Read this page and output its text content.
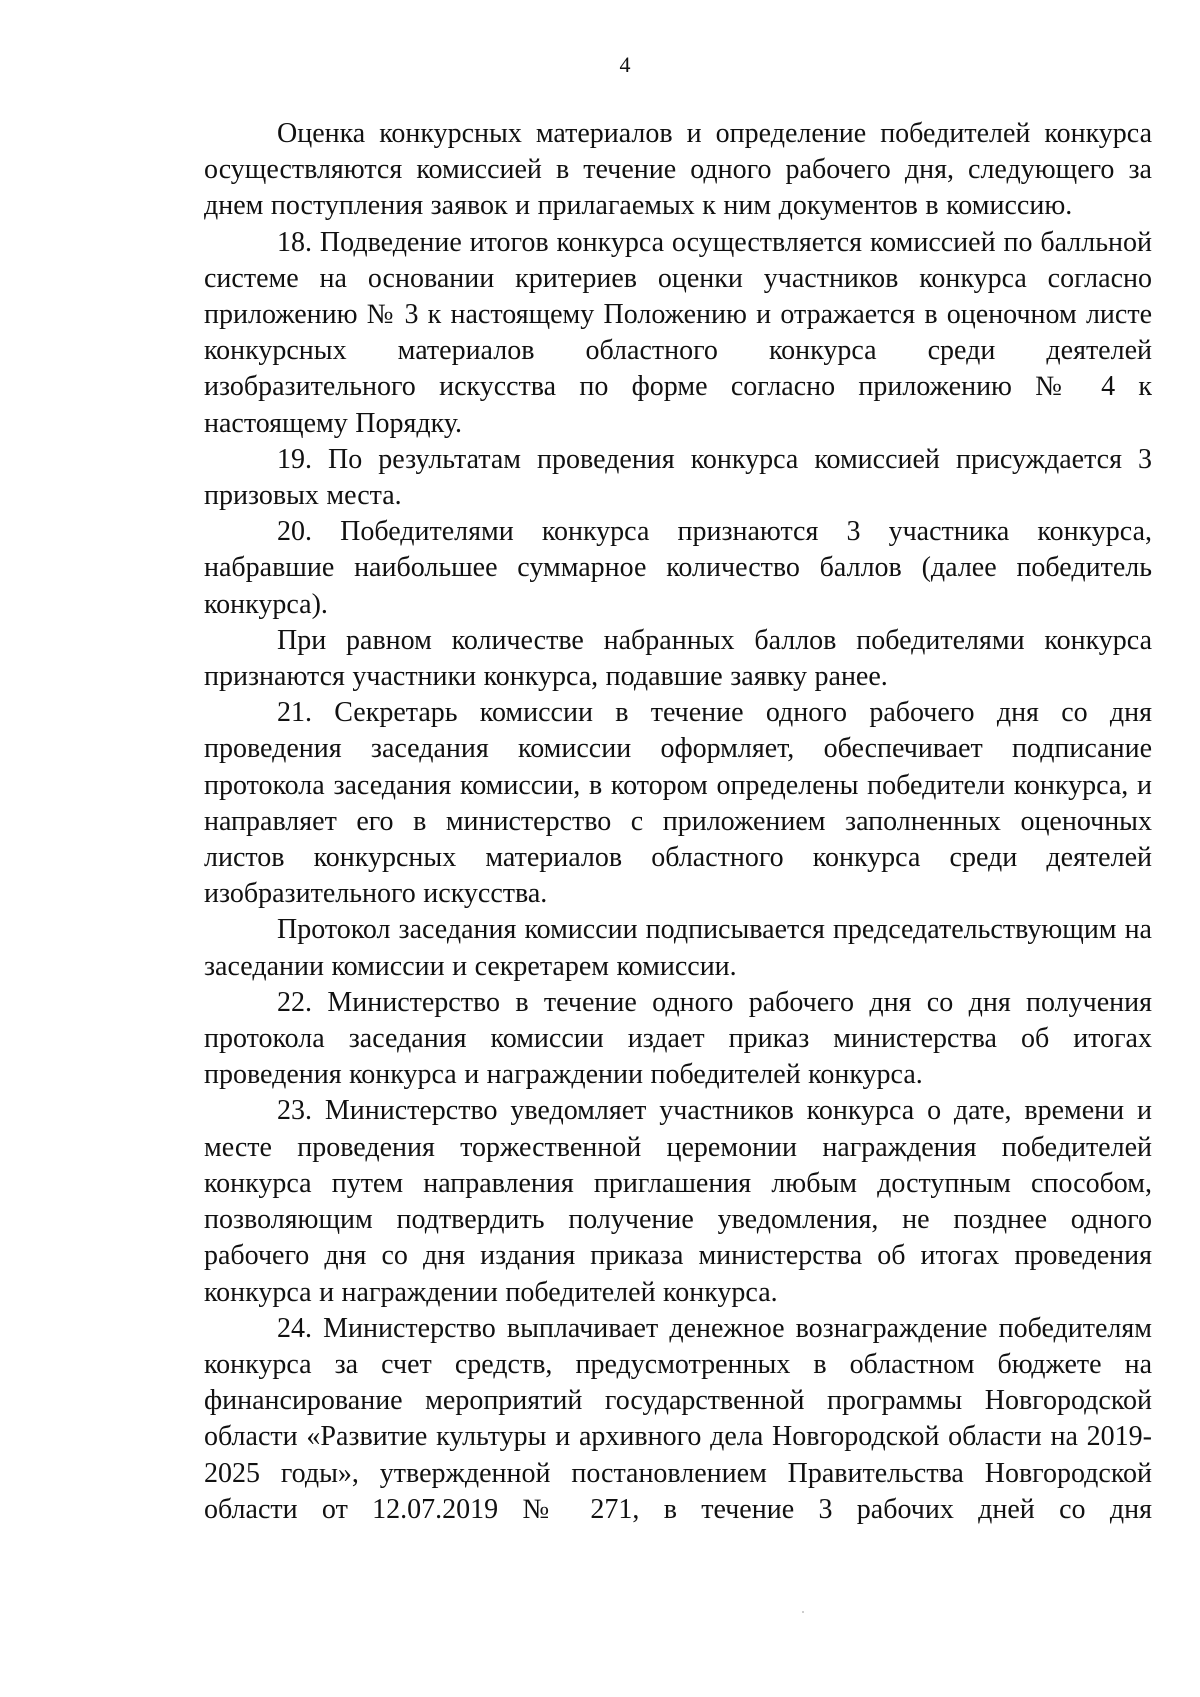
4

Оценка конкурсных материалов и определение победителей конкурса осуществляются комиссией в течение одного рабочего дня, следующего за днем поступления заявок и прилагаемых к ним документов в комиссию.

18. Подведение итогов конкурса осуществляется комиссией по балльной системе на основании критериев оценки участников конкурса согласно приложению № 3 к настоящему Положению и отражается в оценочном листе конкурсных материалов областного конкурса среди деятелей изобразительного искусства по форме согласно приложению № 4 к настоящему Порядку.

19. По результатам проведения конкурса комиссией присуждается 3 призовых места.

20. Победителями конкурса признаются 3 участника конкурса, набравшие наибольшее суммарное количество баллов (далее победитель конкурса).

При равном количестве набранных баллов победителями конкурса признаются участники конкурса, подавшие заявку ранее.

21. Секретарь комиссии в течение одного рабочего дня со дня проведения заседания комиссии оформляет, обеспечивает подписание протокола заседания комиссии, в котором определены победители конкурса, и направляет его в министерство с приложением заполненных оценочных листов конкурсных материалов областного конкурса среди деятелей изобразительного искусства.

Протокол заседания комиссии подписывается председательствующим на заседании комиссии и секретарем комиссии.

22. Министерство в течение одного рабочего дня со дня получения протокола заседания комиссии издает приказ министерства об итогах проведения конкурса и награждении победителей конкурса.

23. Министерство уведомляет участников конкурса о дате, времени и месте проведения торжественной церемонии награждения победителей конкурса путем направления приглашения любым доступным способом, позволяющим подтвердить получение уведомления, не позднее одного рабочего дня со дня издания приказа министерства об итогах проведения конкурса и награждении победителей конкурса.

24. Министерство выплачивает денежное вознаграждение победителям конкурса за счет средств, предусмотренных в областном бюджете на финансирование мероприятий государственной программы Новгородской области «Развитие культуры и архивного дела Новгородской области на 2019-2025 годы», утвержденной постановлением Правительства Новгородской области от 12.07.2019 № 271, в течение 3 рабочих дней со дня
